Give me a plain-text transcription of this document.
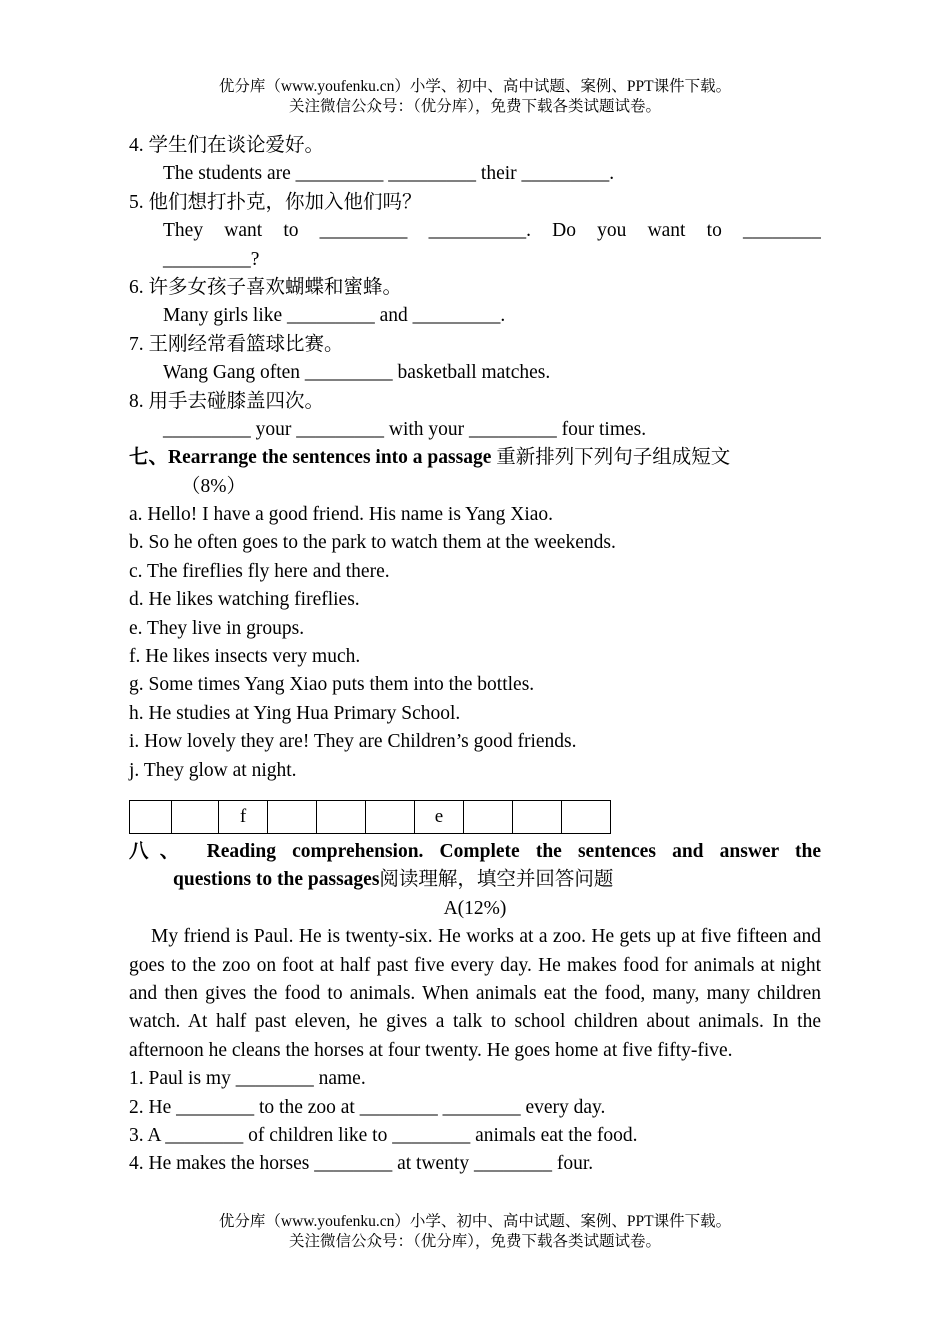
优分库（www.youfenku.cn）小学、初中、高中试题、案例、PPT课件下载。
关注微信公众号：（优分库），免费下载各类试题试卷。
4. 学生们在谈论爱好。
The students are _________ _________ their _________.
5. 他们想打扑克，你加入他们吗？
They want to _________ __________. Do you want to ________
_________?
6. 许多女孩子喜欢蝴蝶和蜜蜂。
Many girls like _________ and _________.
7. 王刚经常看篮球比赛。
Wang Gang often _________ basketball matches.
8. 用手去碰膝盖四次。
_________ your _________ with your _________ four times.
七、Rearrange the sentences into a passage 重新排列下列句子组成短文
（8%）
a. Hello! I have a good friend. His name is Yang Xiao.
b. So he often goes to the park to watch them at the weekends.
c. The fireflies fly here and there.
d. He likes watching fireflies.
e. They live in groups.
f. He likes insects very much.
g. Some times Yang Xiao puts them into the bottles.
h. He studies at Ying Hua Primary School.
i. How lovely they are! They are Children’s good friends.
j. They glow at night.
		f				e			
八、 Reading comprehension. Complete the sentences and answer the
questions to the passages阅读理解，填空并回答问题
A(12%)
My friend is Paul. He is twenty-six. He works at a zoo. He gets up at five fifteen and goes to the zoo on foot at half past five every day. He makes food for animals at night and then gives the food to animals. When animals eat the food, many, many children watch. At half past eleven, he gives a talk to school children about animals. In the afternoon he cleans the horses at four twenty. He goes home at five fifty-five.
1. Paul is my ________ name.
2. He ________ to the zoo at ________ ________ every day.
3. A ________ of children like to ________ animals eat the food.
4. He makes the horses ________ at twenty ________ four.
优分库（www.youfenku.cn）小学、初中、高中试题、案例、PPT课件下载。
关注微信公众号：（优分库），免费下载各类试题试卷。
